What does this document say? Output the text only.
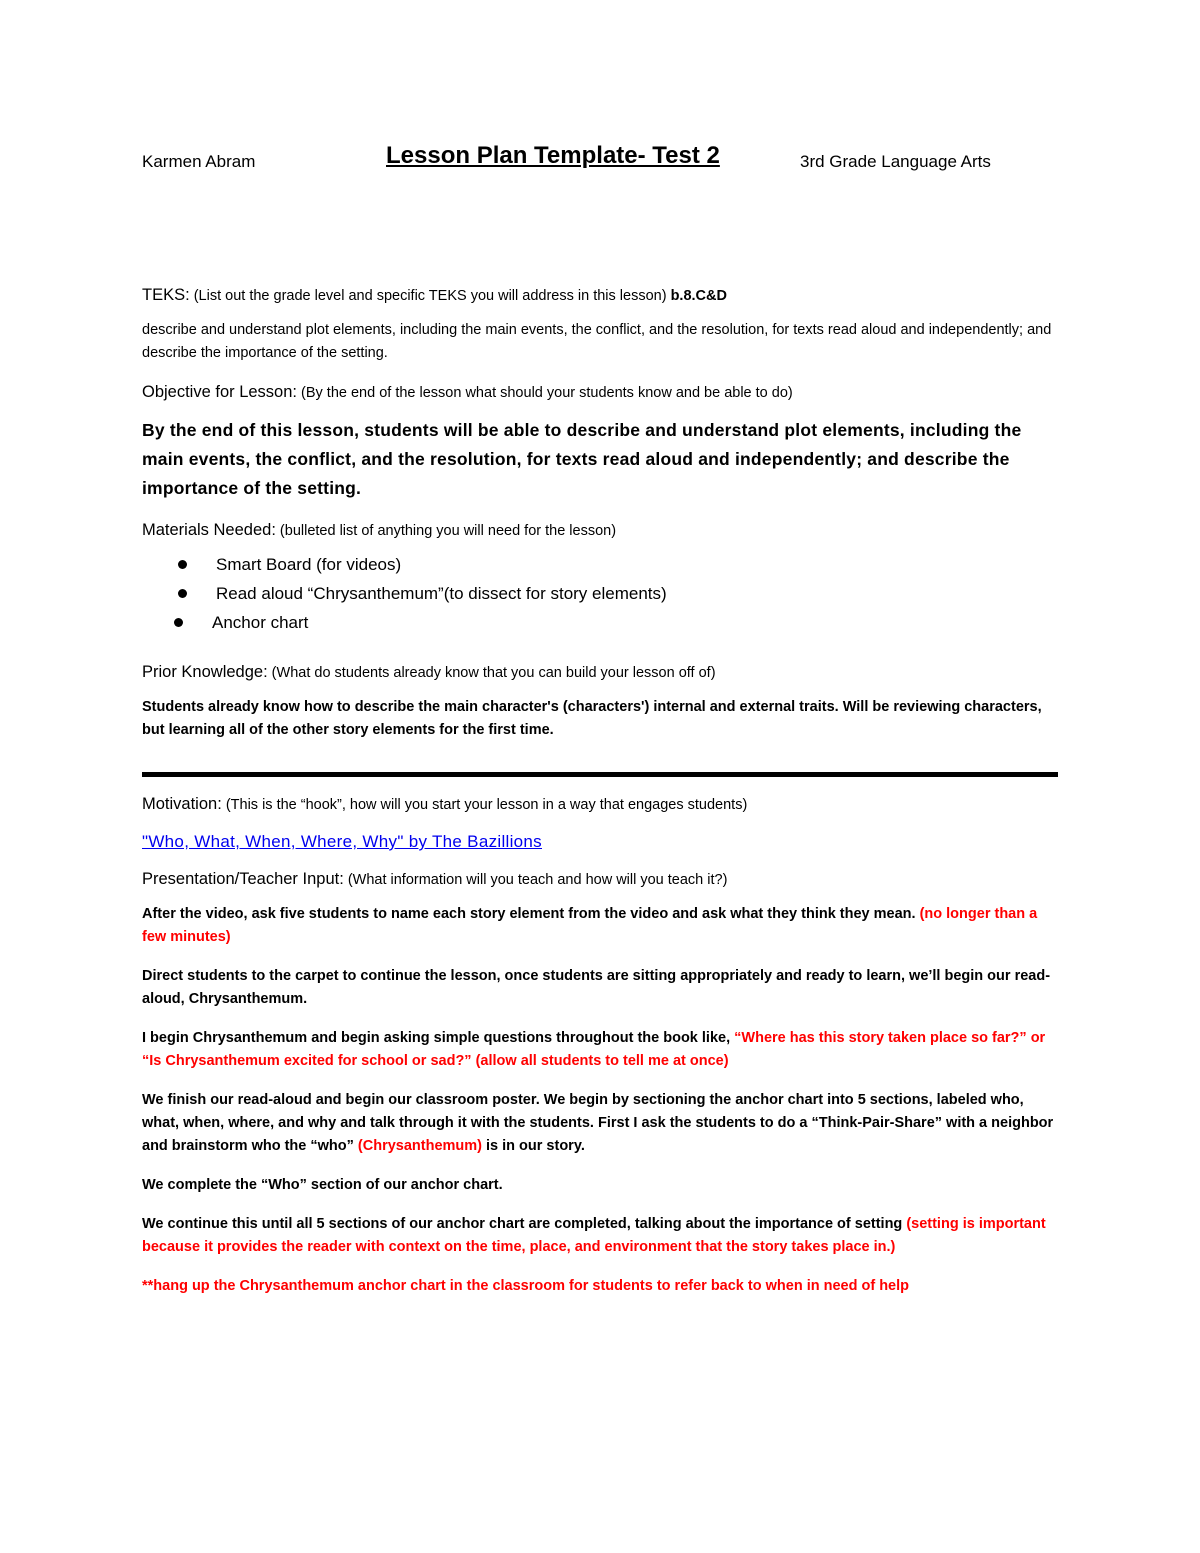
Karmen Abram	Lesson Plan Template- Test 2	3rd Grade Language Arts

TEKS: (List out the grade level and specific TEKS you will address in this lesson) b.8.C&D

describe and understand plot elements, including the main events, the conflict, and the resolution, for texts read aloud and independently; and describe the importance of the setting.

Objective for Lesson: (By the end of the lesson what should your students know and be able to do)

By the end of this lesson, students will be able to describe and understand plot elements, including the main events, the conflict, and the resolution, for texts read aloud and independently; and describe the importance of the setting.

Materials Needed: (bulleted list of anything you will need for the lesson)

Smart Board (for videos)
Read aloud “Chrysanthemum”(to dissect for story elements)
Anchor chart

Prior Knowledge: (What do students already know that you can build your lesson off of)

Students already know how to describe the main character's (characters') internal and external traits. Will be reviewing characters, but learning all of the other story elements for the first time.

Motivation: (This is the “hook”, how will you start your lesson in a way that engages students)

"Who, What, When, Where, Why" by The Bazillions

Presentation/Teacher Input: (What information will you teach and how will you teach it?)

After the video, ask five students to name each story element from the video and ask what they think they mean. (no longer than a few minutes)

Direct students to the carpet to continue the lesson, once students are sitting appropriately and ready to learn, we’ll begin our read-aloud, Chrysanthemum.

I begin Chrysanthemum and begin asking simple questions throughout the book like, “Where has this story taken place so far?” or “Is Chrysanthemum excited for school or sad?” (allow all students to tell me at once)

We finish our read-aloud and begin our classroom poster. We begin by sectioning the anchor chart into 5 sections, labeled who, what, when, where, and why and talk through it with the students. First I ask the students to do a “Think-Pair-Share” with a neighbor and brainstorm who the “who” (Chrysanthemum) is in our story.

We complete the “Who” section of our anchor chart.

We continue this until all 5 sections of our anchor chart are completed, talking about the importance of setting (setting is important because it provides the reader with context on the time, place, and environment that the story takes place in.)

**hang up the Chrysanthemum anchor chart in the classroom for students to refer back to when in need of help
